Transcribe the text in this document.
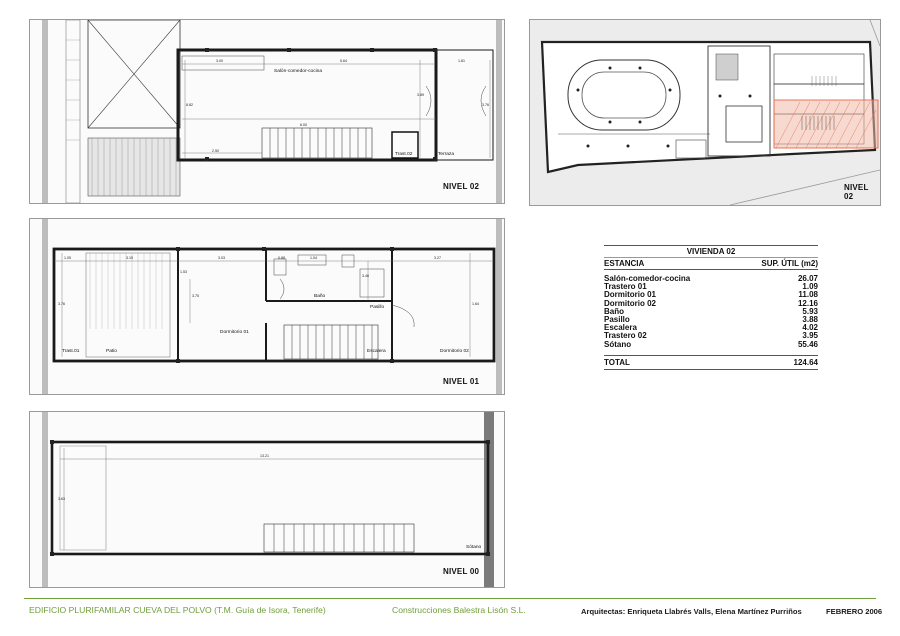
3.00	5.64	1.81
8.82
3.89
3.76
6.00
2.50
Salón-comedor-cocina
Trast.02	Terraza
NIVEL 02	NIVEL 02
1.05	3.15	3.03	0.88	1.04	3.27
3.76
3.75
1.53
3.46
1.64
Trast.01	Patio
Dormitorio 01
Baño
Pasillo
Escalera	Dormitorio 02
NIVEL 01
13.21
3.63
Sótano
NIVEL 00
VIVIENDA 02
ESTANCIA	SUP. ÚTIL (m2)
Salón-comedor-cocina	26.07
Trastero 01	1.09
Dormitorio 01	11.08
Dormitorio 02	12.16
Baño	5.93
Pasillo	3.88
Escalera	4.02
Trastero 02	3.95
Sótano	55.46
TOTAL	124.64
EDIFICIO PLURIFAMILAR CUEVA DEL POLVO (T.M. Guía de Isora, Tenerife)	Construcciones Balestra Lisón S.L.	Arquitectas: Enriqueta Llabrés Valls, Elena Martínez Purriños	FEBRERO 2006
